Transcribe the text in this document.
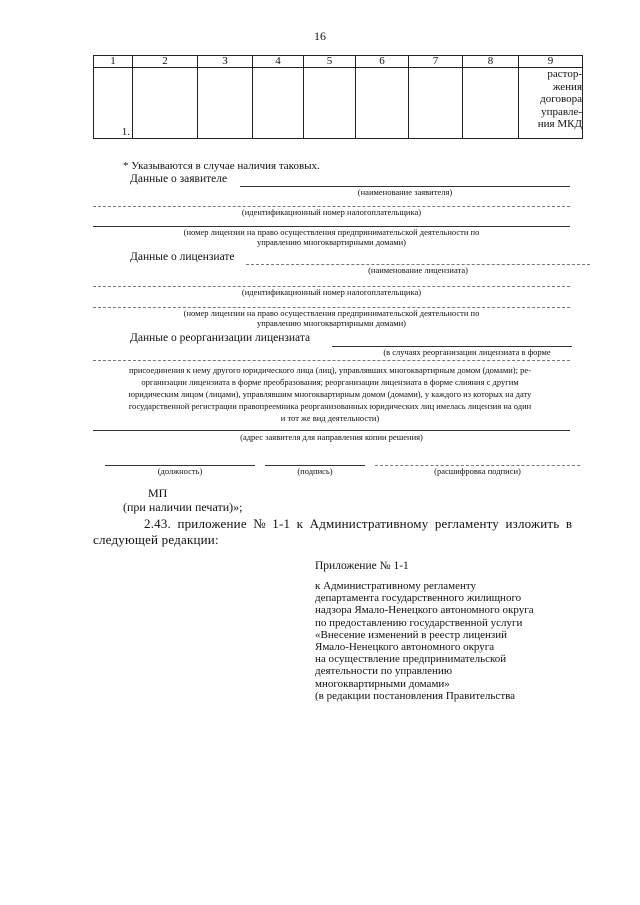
16
1	2	3	4	5	6	7	8	9
1.								растор-
жения
договора
управле-
ния МКД
* Указываются в случае наличия таковых.
Данные о заявителе
(наименование заявителя)
(идентификационный номер налогоплательщика)
(номер лицензии на право осуществления предпринимательской деятельности по
управлению многоквартирными домами)
Данные о лицензиате
(наименование лицензиата)
(идентификационный номер налогоплательщика)
(номер лицензии на право осуществления предпринимательской деятельности по
управлению многоквартирными домами)
Данные о реорганизации лицензиата
(в случаях реорганизации лицензиата в форме
присоединения к нему другого юридического лица (лиц), управлявших многоквартирным домом (домами); ре-
организации лицензиата в форме преобразования; реорганизации лицензиата в форме слияния с другим
юридическим лицом (лицами), управлявшим многоквартирным домом (домами), у каждого из которых на дату
государственной регистрации правопреемника реорганизованных юридических лиц имелась лицензия на один
и тот же вид деятельности)
(адрес заявителя для направления копии решения)
(должность)	(подпись)	(расшифровка подписи)
МП
(при наличии печати)»;
2.43. приложение № 1-1 к Административному регламенту изложить в
следующей редакции:
Приложение № 1-1
к Административному регламенту
департамента государственного жилищного
надзора Ямало-Ненецкого автономного округа
по предоставлению государственной услуги
«Внесение изменений в реестр лицензий
Ямало-Ненецкого автономного округа
на осуществление предпринимательской
деятельности по управлению
многоквартирными домами»
(в редакции постановления Правительства
